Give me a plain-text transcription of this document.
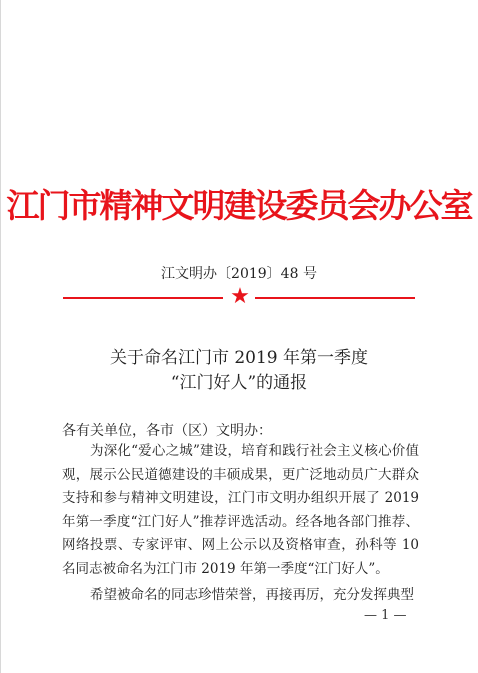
江门市精神文明建设委员会办公室
江文明办〔2019〕48 号
★
关于命名江门市 2019 年第一季度
“江门好人”的通报
各有关单位，各市（区）文明办：
为深化“爱心之城”建设，培育和践行社会主义核心价值观，展示公民道德建设的丰硕成果，更广泛地动员广大群众支持和参与精神文明建设，江门市文明办组织开展了 2019 年第一季度“江门好人”推荐评选活动。经各地各部门推荐、网络投票、专家评审、网上公示以及资格审查，孙科等 10 名同志被命名为江门市 2019 年第一季度“江门好人”。
希望被命名的同志珍惜荣誉，再接再厉，充分发挥典型
— 1 —
